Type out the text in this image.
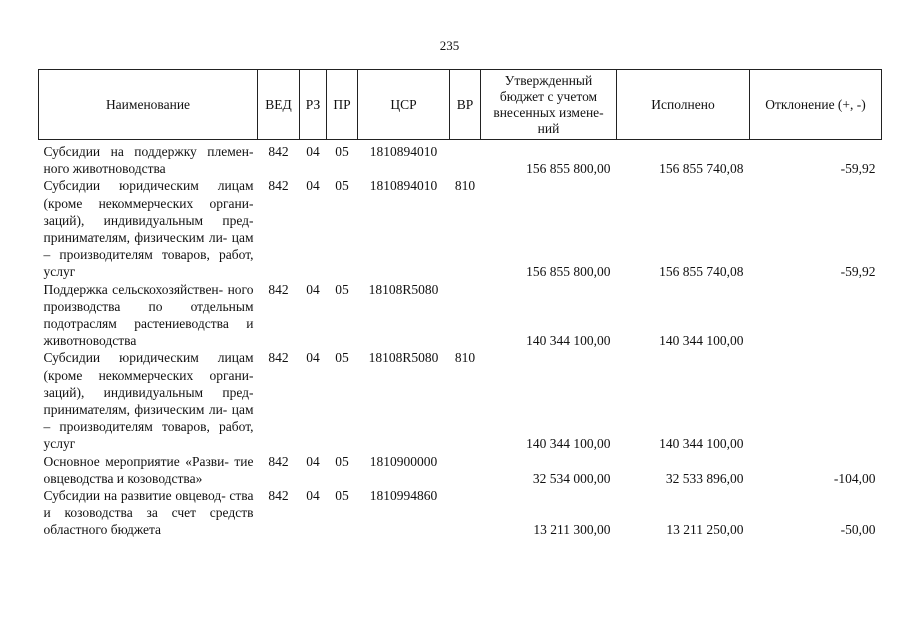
235
Наименование	ВЕД	РЗ	ПР	ЦСР	ВР	Утвержденный бюджет с учетом внесенных измене- ний	Исполнено	Отклонение (+, -)
Субсидии на поддержку племен- ного животноводства	842	04	05	1810894010		156 855 800,00	156 855 740,08	-59,92
Субсидии юридическим лицам (кроме некоммерческих органи- заций), индивидуальным пред- принимателям, физическим ли- цам – производителям товаров, работ, услуг	842	04	05	1810894010	810	156 855 800,00	156 855 740,08	-59,92
Поддержка сельскохозяйствен- ного производства по отдельным подотраслям растениеводства и животноводства	842	04	05	18108R5080		140 344 100,00	140 344 100,00	
Субсидии юридическим лицам (кроме некоммерческих органи- заций), индивидуальным пред- принимателям, физическим ли- цам – производителям товаров, работ, услуг	842	04	05	18108R5080	810	140 344 100,00	140 344 100,00	
Основное мероприятие «Разви- тие овцеводства и козоводства»	842	04	05	1810900000		32 534 000,00	32 533 896,00	-104,00
Субсидии на развитие овцевод- ства и козоводства за счет средств областного бюджета	842	04	05	1810994860		13 211 300,00	13 211 250,00	-50,00
